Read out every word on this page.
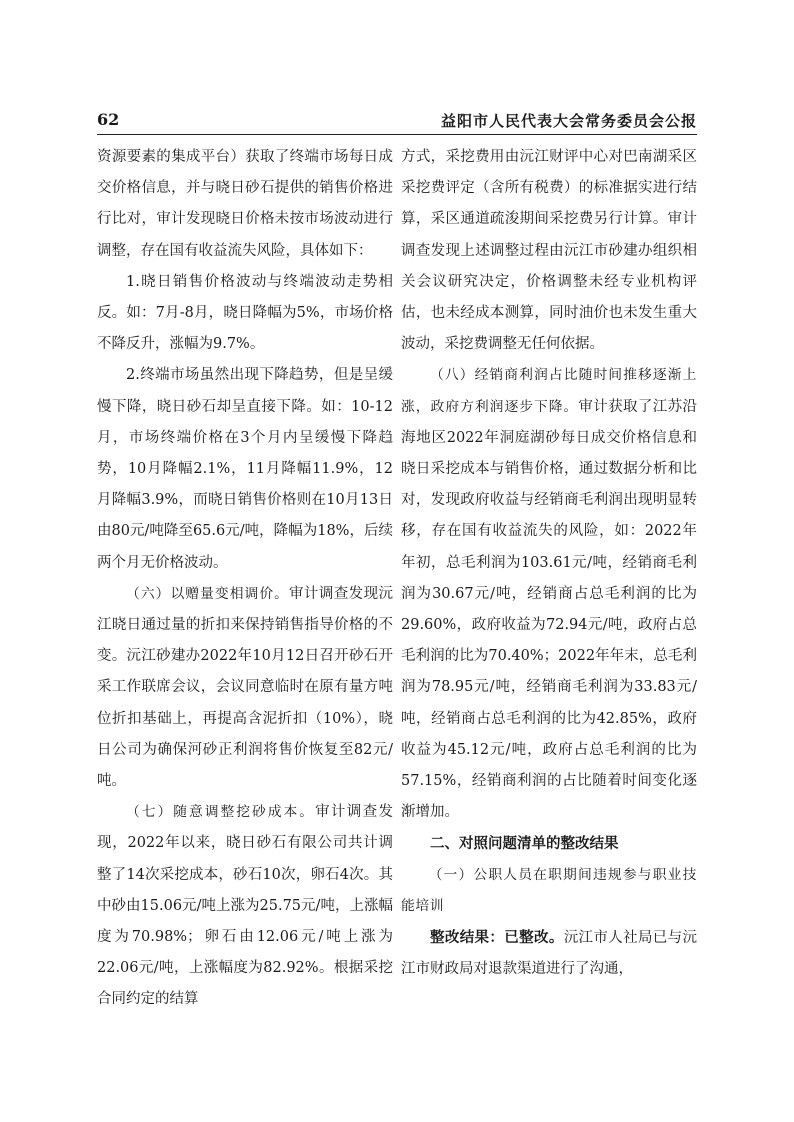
62	益阳市人民代表大会常务委员会公报

资源要素的集成平台）获取了终端市场每日成交价格信息，并与晓日砂石提供的销售价格进行比对，审计发现晓日价格未按市场波动进行调整，存在国有收益流失风险，具体如下：

1.晓日销售价格波动与终端波动走势相反。如：7月-8月，晓日降幅为5%，市场价格不降反升，涨幅为9.7%。

2.终端市场虽然出现下降趋势，但是呈缓慢下降，晓日砂石却呈直接下降。如：10-12月，市场终端价格在3个月内呈缓慢下降趋势，10月降幅2.1%，11月降幅11.9%，12月降幅3.9%，而晓日销售价格则在10月13日由80元/吨降至65.6元/吨，降幅为18%，后续两个月无价格波动。

（六）以赠量变相调价。审计调查发现沅江晓日通过量的折扣来保持销售指导价格的不变。沅江砂建办2022年10月12日召开砂石开采工作联席会议，会议同意临时在原有量方吨位折扣基础上，再提高含泥折扣（10%），晓日公司为确保河砂正利润将售价恢复至82元/吨。

（七）随意调整挖砂成本。审计调查发现，2022年以来，晓日砂石有限公司共计调整了14次采挖成本，砂石10次，卵石4次。其中砂由15.06元/吨上涨为25.75元/吨，上涨幅度为70.98%；卵石由12.06元/吨上涨为22.06元/吨，上涨幅度为82.92%。根据采挖合同约定的结算

方式，采挖费用由沅江财评中心对巴南湖采区采挖费评定（含所有税费）的标准据实进行结算，采区通道疏浚期间采挖费另行计算。审计调查发现上述调整过程由沅江市砂建办组织相关会议研究决定，价格调整未经专业机构评估，也未经成本测算，同时油价也未发生重大波动，采挖费调整无任何依据。

（八）经销商利润占比随时间推移逐渐上涨，政府方利润逐步下降。审计获取了江苏沿海地区2022年洞庭湖砂每日成交价格信息和晓日采挖成本与销售价格，通过数据分析和比对，发现政府收益与经销商毛利润出现明显转移，存在国有收益流失的风险，如：2022年年初，总毛利润为103.61元/吨，经销商毛利润为30.67元/吨，经销商占总毛利润的比为29.60%，政府收益为72.94元/吨，政府占总毛利润的比为70.40%；2022年年末，总毛利润为78.95元/吨，经销商毛利润为33.83元/吨，经销商占总毛利润的比为42.85%，政府收益为45.12元/吨，政府占总毛利润的比为57.15%，经销商利润的占比随着时间变化逐渐增加。

二、对照问题清单的整改结果

（一）公职人员在职期间违规参与职业技能培训

整改结果：已整改。沅江市人社局已与沅江市财政局对退款渠道进行了沟通，
